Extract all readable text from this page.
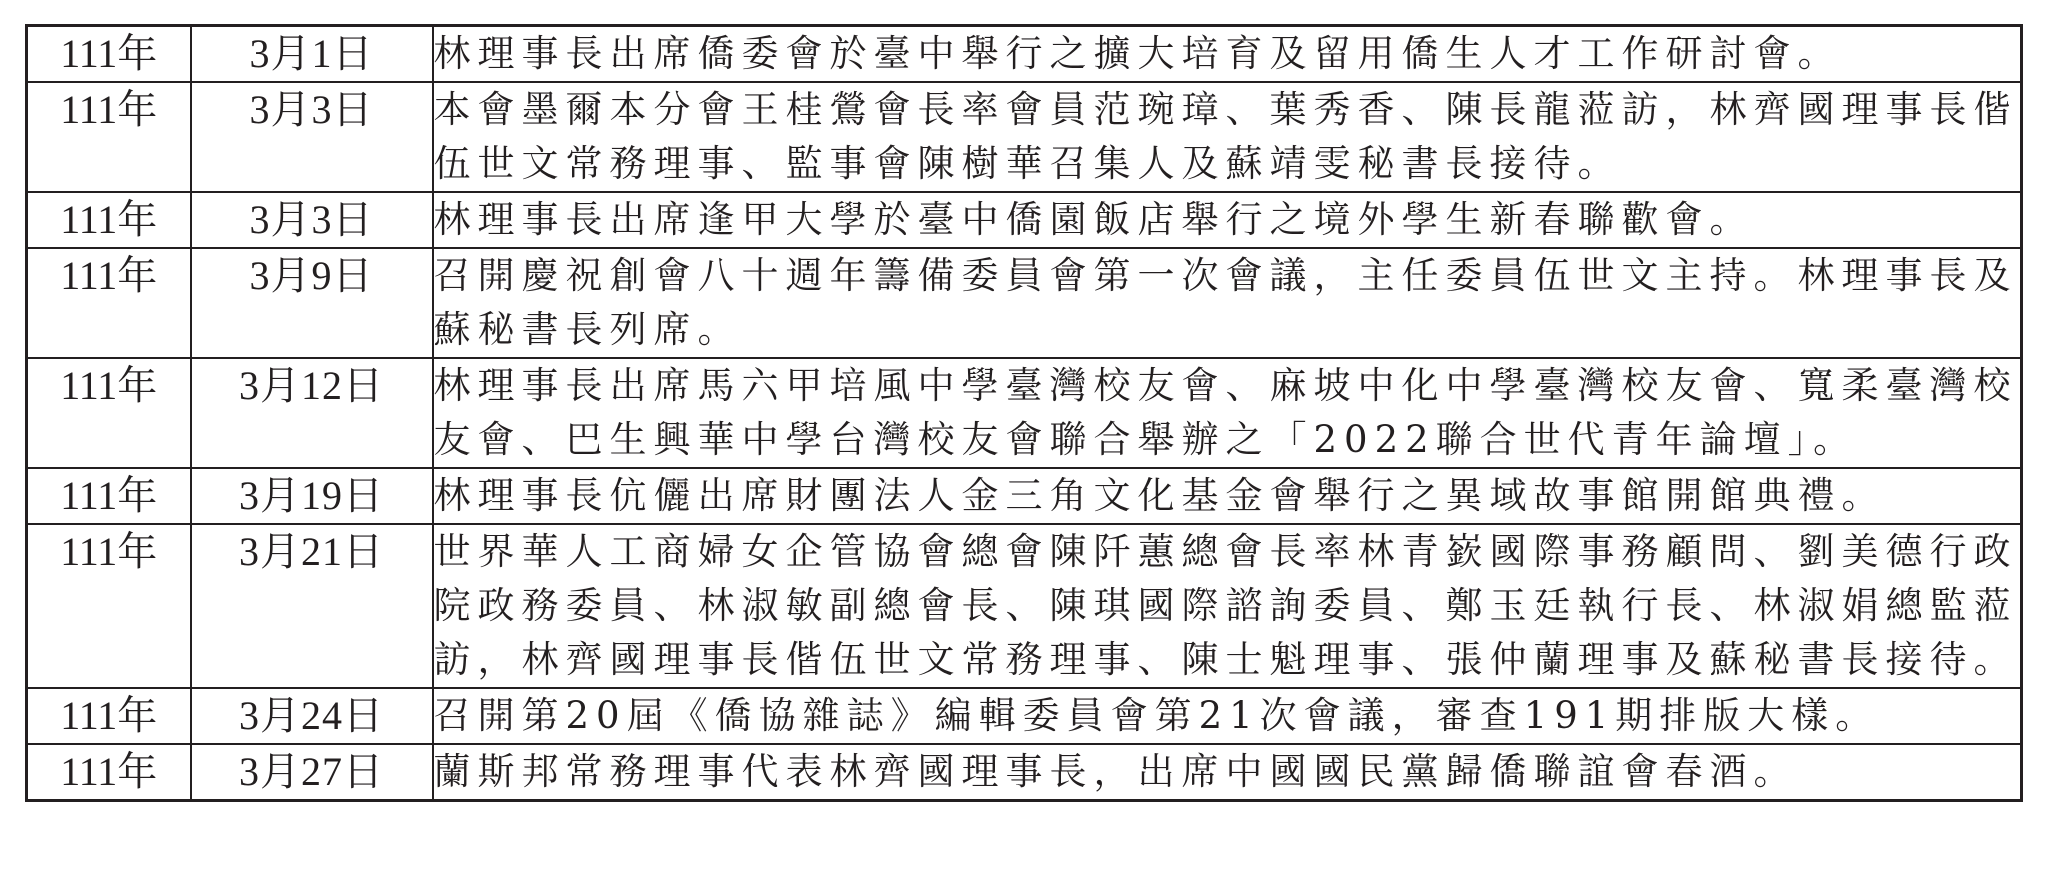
111年	3月1日	林理事長出席僑委會於臺中舉行之擴大培育及留用僑生人才工作研討會。
111年	3月3日	本會墨爾本分會王桂鶯會長率會員范琬璋、葉秀香、陳長龍蒞訪，林齊國理事長偕伍世文常務理事、監事會陳樹華召集人及蘇靖雯秘書長接待。
111年	3月3日	林理事長出席逢甲大學於臺中僑園飯店舉行之境外學生新春聯歡會。
111年	3月9日	召開慶祝創會八十週年籌備委員會第一次會議，主任委員伍世文主持。林理事長及蘇秘書長列席。
111年	3月12日	林理事長出席馬六甲培風中學臺灣校友會、麻坡中化中學臺灣校友會、寬柔臺灣校友會、巴生興華中學台灣校友會聯合舉辦之「2022聯合世代青年論壇」。
111年	3月19日	林理事長伉儷出席財團法人金三角文化基金會舉行之異域故事館開館典禮。
111年	3月21日	世界華人工商婦女企管協會總會陳阡蕙總會長率林青嶔國際事務顧問、劉美德行政院政務委員、林淑敏副總會長、陳琪國際諮詢委員、鄭玉廷執行長、林淑娟總監蒞訪，林齊國理事長偕伍世文常務理事、陳士魁理事、張仲蘭理事及蘇秘書長接待。
111年	3月24日	召開第20屆《僑協雜誌》編輯委員會第21次會議，審查191期排版大樣。
111年	3月27日	蘭斯邦常務理事代表林齊國理事長，出席中國國民黨歸僑聯誼會春酒。
